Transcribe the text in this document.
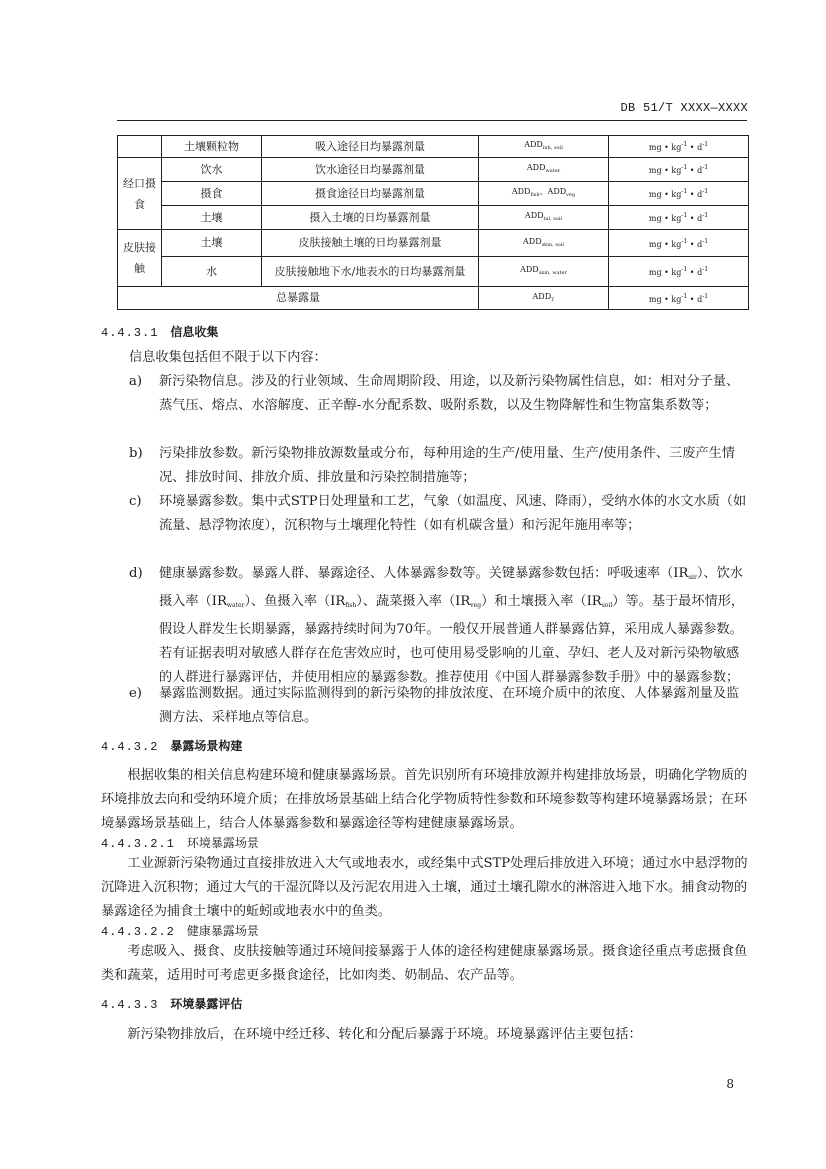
DB 51/T XXXX—XXXX
	土壤颗粒物	吸入途径日均暴露剂量	$ADD_{inh, soil}$	mg • $kg^{-1}$ • $d^{-1}$
经口摄食	饮水	饮水途径日均暴露剂量	$ADD_{water}$	mg • $kg^{-1}$ • $d^{-1}$
	摄食	摄食途径日均暴露剂量	$ADD_{fish}$、$ADD_{veg}$	mg • $kg^{-1}$ • $d^{-1}$
	土壤	摄入土壤的日均暴露剂量	$ADD_{tal, soil}$	mg • $kg^{-1}$ • $d^{-1}$
皮肤接触	土壤	皮肤接触土壤的日均暴露剂量	$ADD_{skin, soil}$	mg • $kg^{-1}$ • $d^{-1}$
	水	皮肤接触地下水/地表水的日均暴露剂量	$ADD_{skin, water}$	mg • $kg^{-1}$ • $d^{-1}$
总暴露量			$ADD_T$	mg • $kg^{-1}$ • $d^{-1}$
4.4.3.1 信息收集
信息收集包括但不限于以下内容：
a) 新污染物信息。涉及的行业领域、生命周期阶段、用途，以及新污染物属性信息，如：相对分子量、蒸气压、熔点、水溶解度、正辛醇-水分配系数、吸附系数，以及生物降解性和生物富集系数等；
b) 污染排放参数。新污染物排放源数量或分布，每种用途的生产/使用量、生产/使用条件、三废产生情况、排放时间、排放介质、排放量和污染控制措施等；
c) 环境暴露参数。集中式STP日处理量和工艺，气象（如温度、风速、降雨），受纳水体的水文水质（如流量、悬浮物浓度），沉积物与土壤理化特性（如有机碳含量）和污泥年施用率等；
d) 健康暴露参数。暴露人群、暴露途径、人体暴露参数等。关键暴露参数包括：呼吸速率$(IR_{air})$、饮水摄入率$(IR_{water})$、鱼摄入率$(IR_{fish})$、蔬菜摄入率$(IR_{veg})$和土壤摄入率$(IR_{soil})$等。基于最坏情形，假设人群发生长期暴露，暴露持续时间为70年。一般仅开展普通人群暴露估算，采用成人暴露参数。若有证据表明对敏感人群存在危害效应时，也可使用易受影响的儿童、孕妇、老人及对新污染物敏感的人群进行暴露评估，并使用相应的暴露参数。推荐使用《中国人群暴露参数手册》中的暴露参数；
e) 暴露监测数据。通过实际监测得到的新污染物的排放浓度、在环境介质中的浓度、人体暴露剂量及监测方法、采样地点等信息。
4.4.3.2 暴露场景构建
根据收集的相关信息构建环境和健康暴露场景。首先识别所有环境排放源并构建排放场景，明确化学物质的环境排放去向和受纳环境介质；在排放场景基础上结合化学物质特性参数和环境参数等构建环境暴露场景；在环境暴露场景基础上，结合人体暴露参数和暴露途径等构建健康暴露场景。
4.4.3.2.1 环境暴露场景
工业源新污染物通过直接排放进入大气或地表水，或经集中式STP处理后排放进入环境；通过水中悬浮物的沉降进入沉积物；通过大气的干湿沉降以及污泥农用进入土壤，通过土壤孔隙水的淋溶进入地下水。捕食动物的暴露途径为捕食土壤中的蚯蚓或地表水中的鱼类。
4.4.3.2.2 健康暴露场景
考虑吸入、摄食、皮肤接触等通过环境间接暴露于人体的途径构建健康暴露场景。摄食途径重点考虑摄食鱼类和蔬菜，适用时可考虑更多摄食途径，比如肉类、奶制品、农产品等。
4.4.3.3 环境暴露评估
新污染物排放后，在环境中经迁移、转化和分配后暴露于环境。环境暴露评估主要包括：
8
